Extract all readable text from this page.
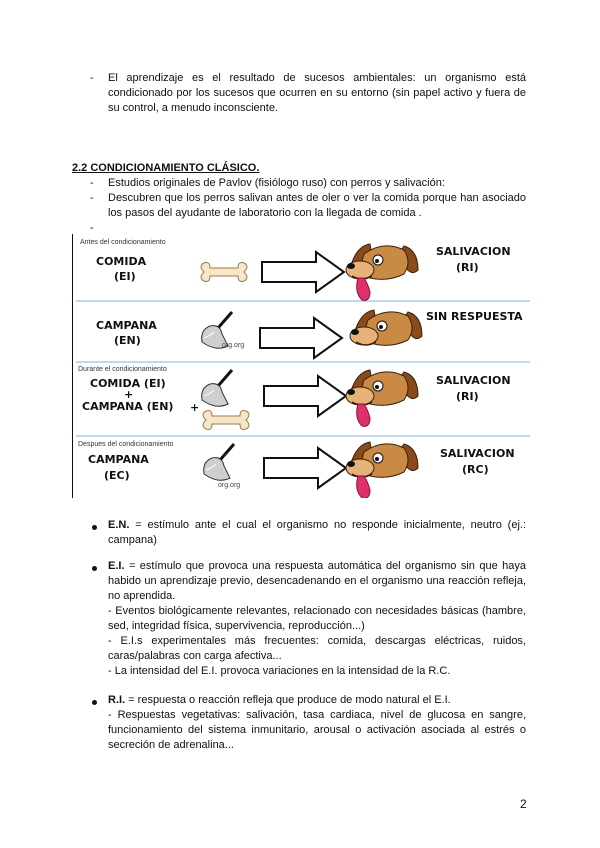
- El aprendizaje es el resultado de sucesos ambientales: un organismo está condicionado por los sucesos que ocurren en su entorno (sin papel activo y fuera de su control, a menudo inconsciente.
2.2 CONDICIONAMIENTO CLÁSICO.
- Estudios originales de Pavlov (fisiólogo ruso) con perros y salivación:
- Descubren que los perros salivan antes de oler o ver la comida porque han asociado los pasos del ayudante de laboratorio con la llegada de comida .
-
Antes del condicionamiento
Durante el condicionamiento
Despues del condicionamiento
COMIDA
(EI)
SALIVACION
(RI)
CAMPANA
(EN)
SIN RESPUESTA
org.org
COMIDA (EI)
+
CAMPANA (EN) +
SALIVACION
(RI)
CAMPANA
(EC)
org.org
SALIVACION
(RC)
E.N. = estímulo ante el cual el organismo no responde inicialmente, neutro (ej.: campana)
E.I. = estímulo que provoca una respuesta automática del organismo sin que haya habido un aprendizaje previo, desencadenando en el organismo una reacción refleja, no aprendida.
- Eventos biológicamente relevantes, relacionado con necesidades básicas (hambre, sed, integridad física, supervivencia, reproducción...)
- E.I.s experimentales más frecuentes: comida, descargas eléctricas, ruidos, caras/palabras con carga afectiva...
- La intensidad del E.I. provoca variaciones en la intensidad de la R.C.
R.I. = respuesta o reacción refleja que produce de modo natural el E.I.
- Respuestas vegetativas: salivación, tasa cardiaca, nivel de glucosa en sangre, funcionamiento del sistema inmunitario, arousal o activación asociada al estrés o secreción de adrenalina...
2
